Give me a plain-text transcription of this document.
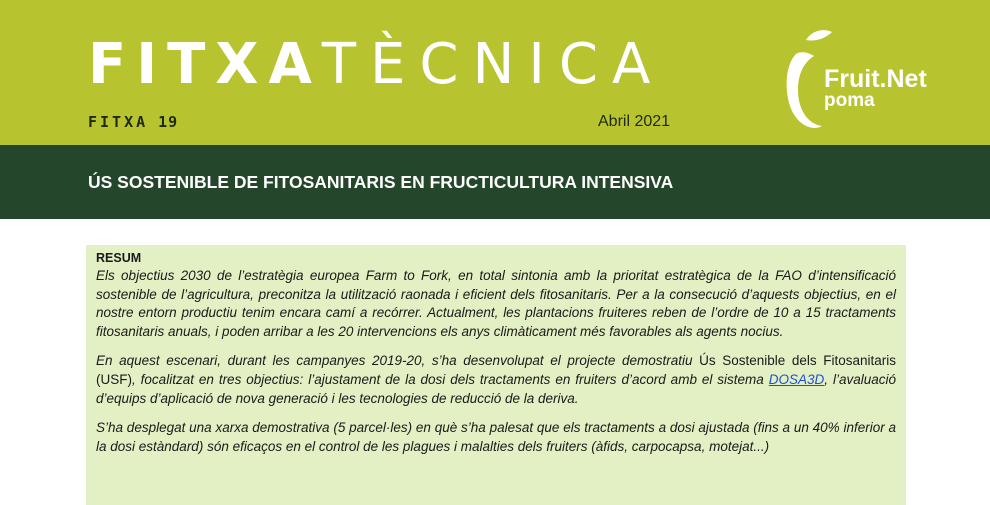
FITXATÈCNICA
FITXA 19	Abril 2021
Fruit.Net
poma
ÚS SOSTENIBLE DE FITOSANITARIS EN FRUCTICULTURA INTENSIVA
RESUM

Els objectius 2030 de l’estratègia europea Farm to Fork, en total sintonia amb la prioritat estratègica de la FAO d’intensificació sostenible de l’agricultura, preconitza la utilització raonada i eficient dels fitosanitaris. Per a la consecució d’aquests objectius, en el nostre entorn productiu tenim encara camí a recórrer. Actualment, les plantacions fruiteres reben de l’ordre de 10 a 15 tractaments fitosanitaris anuals, i poden arribar a les 20 intervencions els anys climàticament més favorables als agents nocius.

En aquest escenari, durant les campanyes 2019-20, s’ha desenvolupat el projecte demostratiu Ús Sostenible dels Fitosanitaris (USF), focalitzat en tres objectius: l’ajustament de la dosi dels tractaments en fruiters d’acord amb el sistema DOSA3D, l’avaluació d’equips d’aplicació de nova generació i les tecnologies de reducció de la deriva.

S’ha desplegat una xarxa demostrativa (5 parcel·les) en què s’ha palesat que els tractaments a dosi ajustada (fins a un 40% inferior a la dosi estàndard) són eficaços en el control de les plagues i malalties dels fruiters (àfids, carpocapsa, motejat...)
